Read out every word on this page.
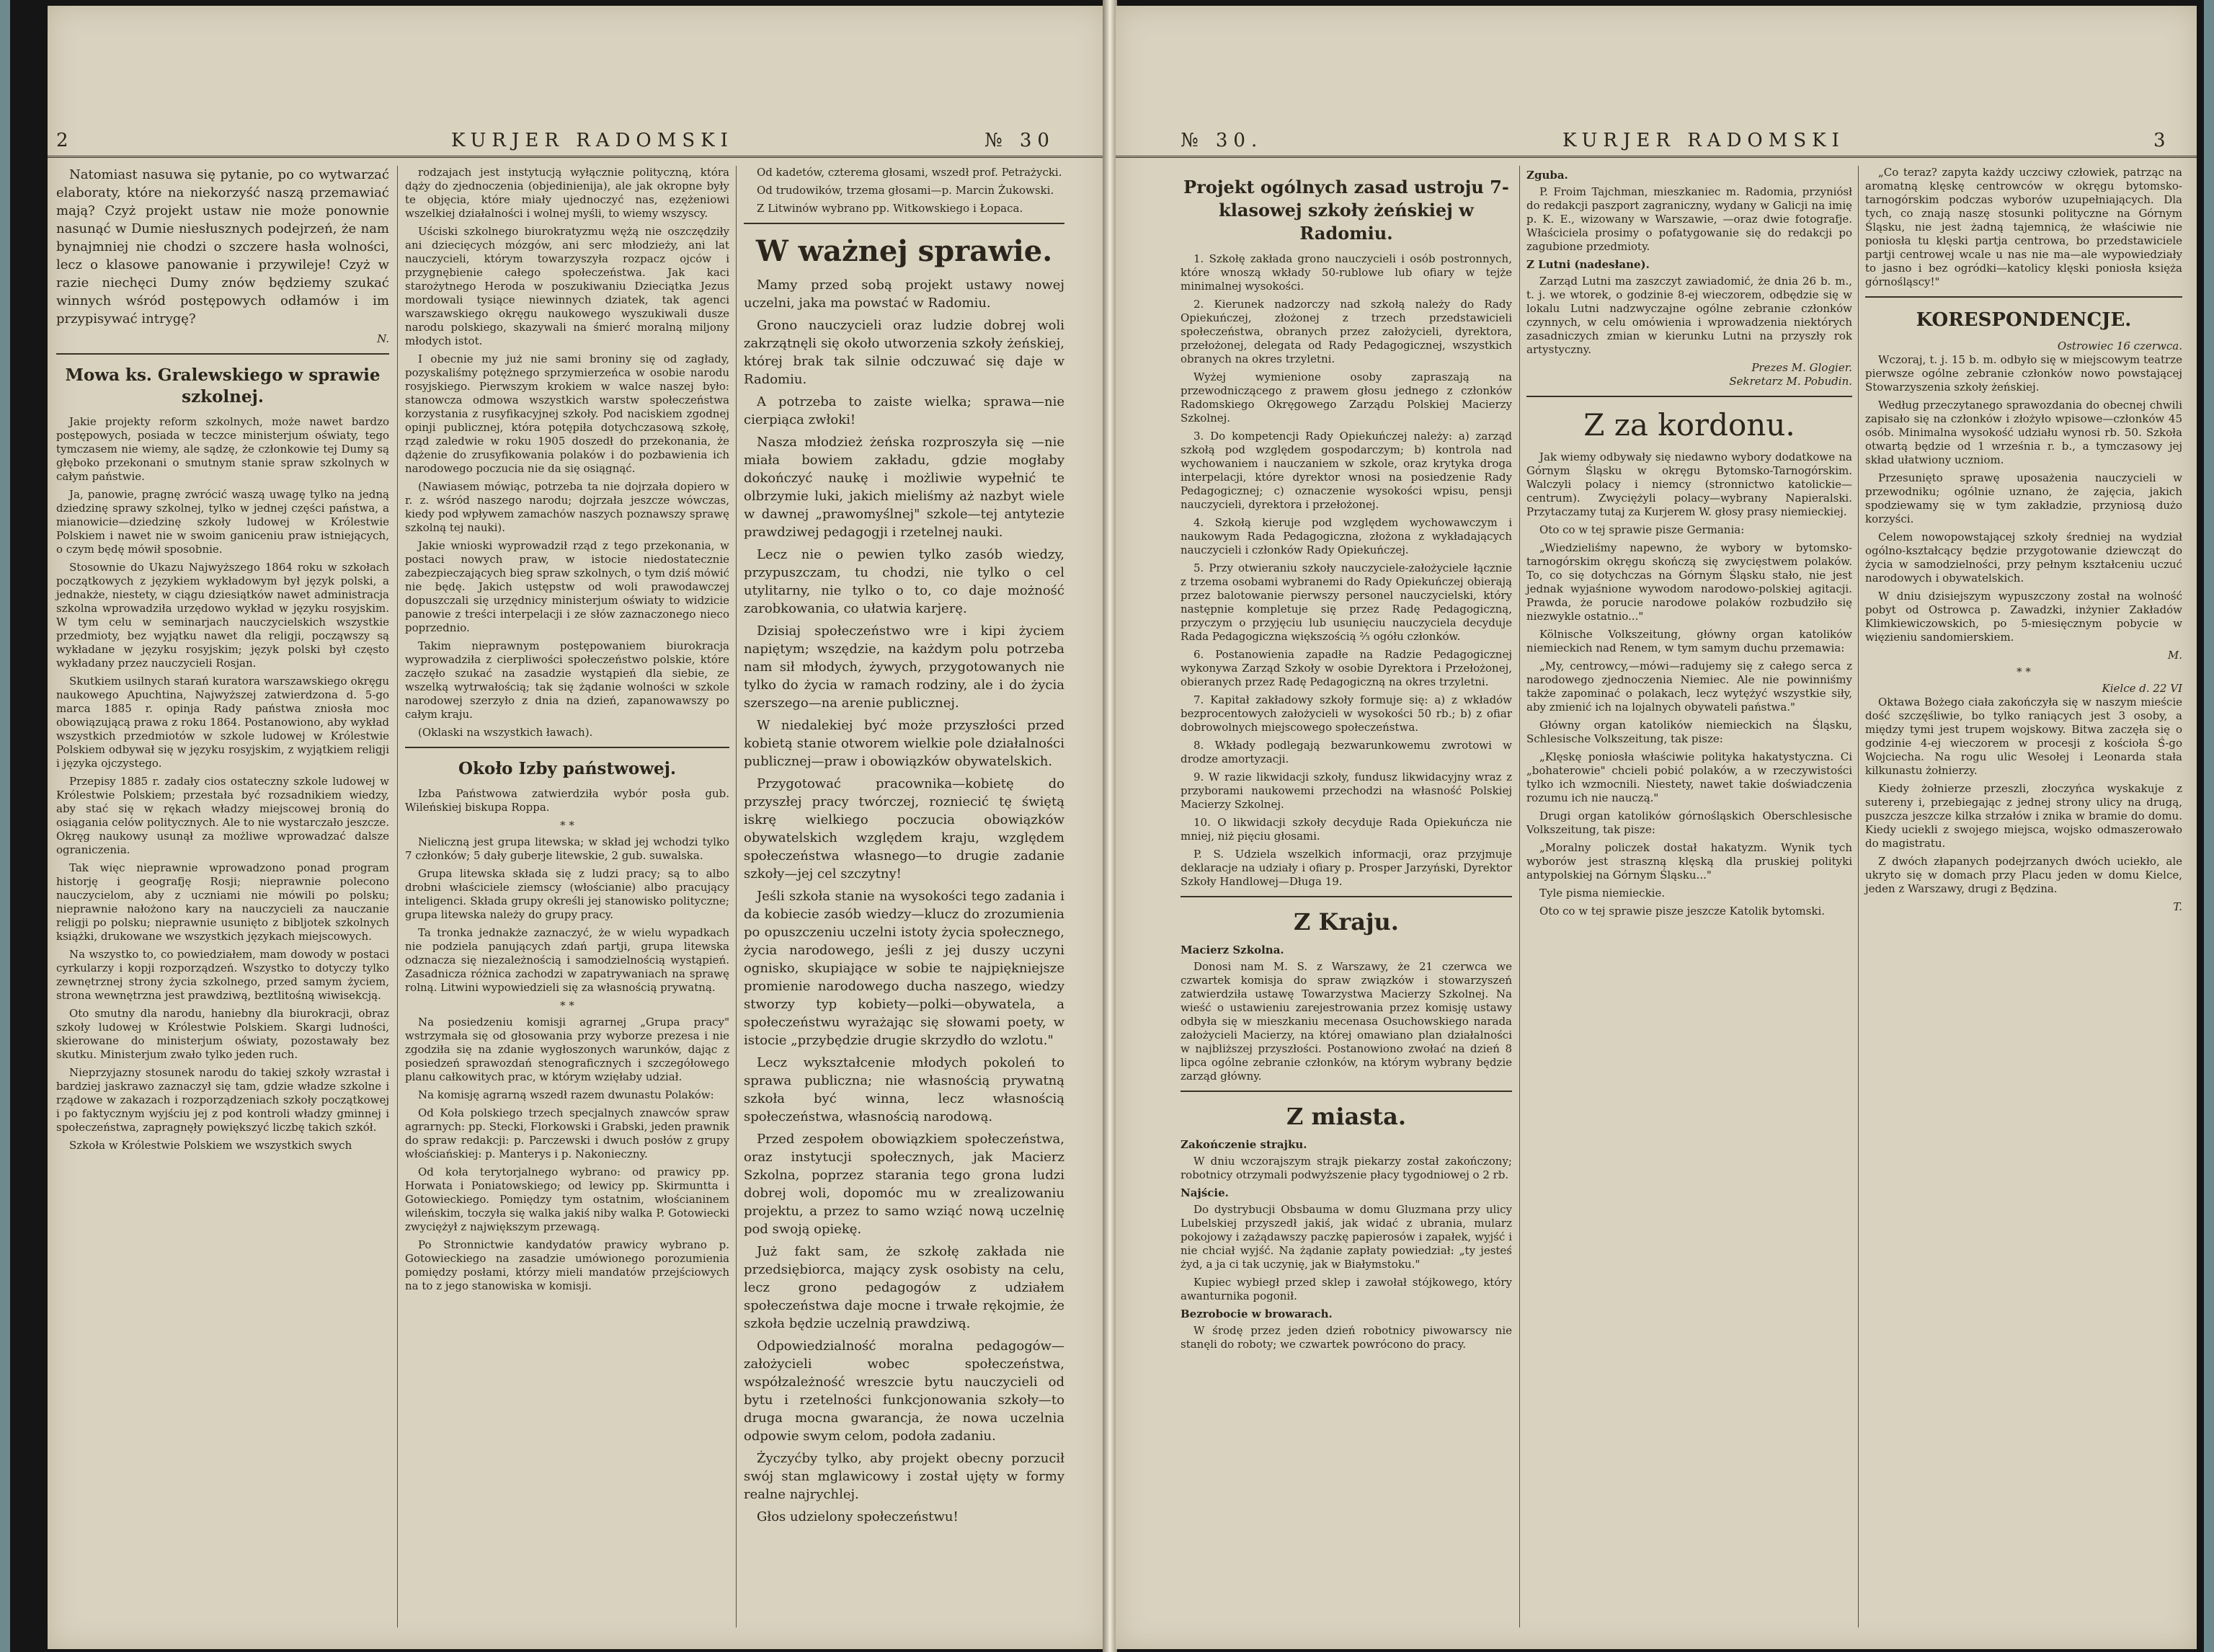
2	KURJER RADOMSKI	№ 30

Natomiast nasuwa się pytanie, po co wytwarzać elaboraty, które na niekorzyść naszą przemawiać mają? Czyż projekt ustaw nie może ponownie nasunąć w Dumie niesłusznych podejrzeń, że nam bynajmniej nie chodzi o szczere hasła wolności, lecz o klasowe panowanie i przywileje! Czyż w razie niechęci Dumy znów będziemy szukać winnych wśród postępowych odłamów i im przypisywać intrygę?

N.
Mowa ks. Gralewskiego w sprawie szkolnej.

Jakie projekty reform szkolnych, może nawet bardzo postępowych, posiada w teczce ministerjum oświaty, tego tymczasem nie wiemy, ale sądzę, że członkowie tej Dumy są głęboko przekonani o smutnym stanie spraw szkolnych w całym państwie.

Ja, panowie, pragnę zwrócić waszą uwagę tylko na jedną dziedzinę sprawy szkolnej, tylko w jednej części państwa, a mianowicie—dziedzinę szkoły ludowej w Królestwie Polskiem i nawet nie w swoim ganiceniu praw istniejących, o czym będę mówił sposobnie.

Stosownie do Ukazu Najwyższego 1864 roku w szkołach początkowych z językiem wykładowym był język polski, a jednakże, niestety, w ciągu dziesiątków nawet administracja szkolna wprowadziła urzędowo wykład w języku rosyjskim. W tym celu w seminarjach nauczycielskich wszystkie przedmioty, bez wyjątku nawet dla religji, począwszy są wykładane w języku rosyjskim; język polski był często wykładany przez nauczycieli Rosjan.

Skutkiem usilnych starań kuratora warszawskiego okręgu naukowego Apuchtina, Najwyższej zatwierdzona d. 5-go marca 1885 r. opinja Rady państwa zniosła moc obowiązującą prawa z roku 1864. Postanowiono, aby wykład wszystkich przedmiotów w szkole ludowej w Królestwie Polskiem odbywał się w języku rosyjskim, z wyjątkiem religji i języka ojczystego.

Przepisy 1885 r. zadały cios ostateczny szkole ludowej w Królestwie Polskiem; przestała być rozsadnikiem wiedzy, aby stać się w rękach władzy miejscowej bronią do osiągania celów politycznych. Ale to nie wystarczało jeszcze. Okręg naukowy usunął za możliwe wprowadzać dalsze ograniczenia.

Tak więc nieprawnie wprowadzono ponad program historję i geografję Rosji; nieprawnie polecono nauczycielom, aby z uczniami nie mówili po polsku; nieprawnie nałożono kary na nauczycieli za nauczanie religji po polsku; nieprawnie usunięto z bibljotek szkolnych książki, drukowane we wszystkich językach miejscowych.

Na wszystko to, co powiedziałem, mam dowody w postaci cyrkularzy i kopji rozporządzeń. Wszystko to dotyczy tylko zewnętrznej strony życia szkolnego, przed samym życiem, strona wewnętrzna jest prawdziwą, beztlitośną wiwisekcją.

Oto smutny dla narodu, haniebny dla biurokracji, obraz szkoły ludowej w Królestwie Polskiem. Skargi ludności, skierowane do ministerjum oświaty, pozostawały bez skutku. Ministerjum zwało tylko jeden ruch.

Nieprzyjazny stosunek narodu do takiej szkoły wzrastał i bardziej jaskrawo zaznaczył się tam, gdzie władze szkolne i rządowe w zakazach i rozporządzeniach szkoły początkowej i po faktycznym wyjściu jej z pod kontroli władzy gminnej i społeczeństwa, zapragnęły powiększyć liczbę takich szkół.

Szkoła w Królestwie Polskiem we wszystkich swych

rodzajach jest instytucją wyłącznie polityczną, która dąży do zjednoczenia (objedinienija), ale jak okropne były te objęcia, które miały ujednoczyć nas, ezężeniowi wszelkiej działalności i wolnej myśli, to wiemy wszyscy.

Uściski szkolnego biurokratyzmu wężą nie oszczędziły ani dziecięcych mózgów, ani serc młodzieży, ani lat nauczycieli, którym towarzyszyła rozpacz ojców i przygnębienie całego społeczeństwa. Jak kaci starożytnego Heroda w poszukiwaniu Dzieciątka Jezus mordowali tysiące niewinnych dziatek, tak agenci warszawskiego okręgu naukowego wyszukiwali dusze narodu polskiego, skazywali na śmierć moralną miljony młodych istot.

I obecnie my już nie sami broniny się od zagłady, pozyskaliśmy potężnego sprzymierzeńca w osobie narodu rosyjskiego. Pierwszym krokiem w walce naszej było: stanowcza odmowa wszystkich warstw społeczeństwa korzystania z rusyfikacyjnej szkoły. Pod naciskiem zgodnej opinji publicznej, która potępiła dotychczasową szkołę, rząd zaledwie w roku 1905 doszedł do przekonania, że dążenie do zrusyfikowania polaków i do pozbawienia ich narodowego poczucia nie da się osiągnąć.

(Nawiasem mówiąc, potrzeba ta nie dojrzała dopiero w r. z. wśród naszego narodu; dojrzała jeszcze wówczas, kiedy pod wpływem zamachów naszych poznawszy sprawę szkolną tej nauki).

Jakie wnioski wyprowadził rząd z tego przekonania, w postaci nowych praw, w istocie niedostatecznie zabezpieczających bieg spraw szkolnych, o tym dziś mówić nie będę. Jakich ustępstw od woli prawodawczej dopuszczali się urzędnicy ministerjum oświaty to widzicie panowie z treści interpelacji i ze słów zaznaczonego nieco poprzednio.

Takim nieprawnym postępowaniem biurokracja wyprowadziła z cierpliwości społeczeństwo polskie, które zaczęło szukać na zasadzie wystąpień dla siebie, ze wszelką wytrwałością; tak się żądanie wolności w szkole narodowej szerzyło z dnia na dzień, zapanowawszy po całym kraju.

(Oklaski na wszystkich ławach).

Około Izby państwowej.

Izba Państwowa zatwierdziła wybór posła gub. Wileńskiej biskupa Roppa.

* *

Nieliczną jest grupa litewska; w skład jej wchodzi tylko 7 członków; 5 dały guberje litewskie, 2 gub. suwalska.

Grupa litewska składa się z ludzi pracy; są to albo drobni właściciele ziemscy (włościanie) albo pracujący inteligenci. Składa grupy określi jej stanowisko polityczne; grupa litewska należy do grupy pracy.

Ta tronka jednakże zaznaczyć, że w wielu wypadkach nie podziela panujących zdań partji, grupa litewska odznacza się niezależnością i samodzielnością wystąpień. Zasadnicza różnica zachodzi w zapatrywaniach na sprawę rolną. Litwini wypowiedzieli się za własnością prywatną.

* *

Na posiedzeniu komisji agrarnej „Grupa pracy" wstrzymała się od głosowania przy wyborze prezesa i nie zgodziła się na zdanie wygłoszonych warunków, dając z posiedzeń sprawozdań stenograficznych i szczegółowego planu całkowitych prac, w którym wzięłaby udział.

Na komisję agrarną wszedł razem dwunastu Polaków:

Od Koła polskiego trzech specjalnych znawców spraw agrarnych: pp. Stecki, Florkowski i Grabski, jeden prawnik do spraw redakcji: p. Parczewski i dwuch posłów z grupy włościańskiej: p. Manterys i p. Nakonieczny.

Od koła terytorjalnego wybrano: od prawicy pp. Horwata i Poniatowskiego; od lewicy pp. Skirmuntta i Gotowieckiego. Pomiędzy tym ostatnim, włościaninem wileńskim, toczyła się walka jakiś niby walka P. Gotowiecki zwyciężył z największym przewagą.

Po Stronnictwie kandydatów prawicy wybrano p. Gotowieckiego na zasadzie umówionego porozumienia pomiędzy posłami, którzy mieli mandatów przejściowych na to z jego stanowiska w komisji.

Od kadetów, czterema głosami, wszedł prof. Petrażycki.

Od trudowików, trzema głosami—p. Marcin Żukowski.

Z Litwinów wybrano pp. Witkowskiego i Łopaca.

W ważnej sprawie.

Mamy przed sobą projekt ustawy nowej uczelni, jaka ma powstać w Radomiu.

Grono nauczycieli oraz ludzie dobrej woli zakrzątnęli się około utworzenia szkoły żeńskiej, której brak tak silnie odczuwać się daje w Radomiu.

A potrzeba to zaiste wielka; sprawa—nie cierpiąca zwłoki!

Nasza młodzież żeńska rozproszyła się —nie miała bowiem zakładu, gdzie mogłaby dokończyć naukę i możliwie wypełnić te olbrzymie luki, jakich mieliśmy aż nazbyt wiele w dawnej „prawomyślnej" szkole—tej antytezie prawdziwej pedagogji i rzetelnej nauki.

Lecz nie o pewien tylko zasób wiedzy, przypuszczam, tu chodzi, nie tylko o cel utylitarny, nie tylko o to, co daje możność zarobkowania, co ułatwia karjerę.

Dzisiaj społeczeństwo wre i kipi życiem napiętym; wszędzie, na każdym polu potrzeba nam sił młodych, żywych, przygotowanych nie tylko do życia w ramach rodziny, ale i do życia szerszego—na arenie publicznej.

W niedalekiej być może przyszłości przed kobietą stanie otworem wielkie pole działalności publicznej—praw i obowiązków obywatelskich.

Przygotować pracownika—kobietę do przyszłej pracy twórczej, rozniecić tę świętą iskrę wielkiego poczucia obowiązków obywatelskich względem kraju, względem społeczeństwa własnego—to drugie zadanie szkoły—jej cel szczytny!

Jeśli szkoła stanie na wysokości tego zadania i da kobiecie zasób wiedzy—klucz do zrozumienia po opuszczeniu uczelni istoty życia społecznego, życia narodowego, jeśli z jej duszy uczyni ognisko, skupiające w sobie te najpiękniejsze promienie narodowego ducha naszego, wiedzy stworzy typ kobiety—polki—obywatela, a społeczeństwu wyrażając się słowami poety, w istocie „przybędzie drugie skrzydło do wzlotu."

Lecz wykształcenie młodych pokoleń to sprawa publiczna; nie własnością prywatną szkoła być winna, lecz własnością społeczeństwa, własnością narodową.

Przed zespołem obowiązkiem społeczeństwa, oraz instytucji społecznych, jak Macierz Szkolna, poprzez starania tego grona ludzi dobrej woli, dopomóc mu w zrealizowaniu projektu, a przez to samo wziąć nową uczelnię pod swoją opiekę.

Już fakt sam, że szkołę zakłada nie przedsiębiorca, mający zysk osobisty na celu, lecz grono pedagogów z udziałem społeczeństwa daje mocne i trwałe rękojmie, że szkoła będzie uczelnią prawdziwą.

Odpowiedzialność moralna pedagogów—założycieli wobec społeczeństwa, współzależność wreszcie bytu nauczycieli od bytu i rzetelności funkcjonowania szkoły—to druga mocna gwarancja, że nowa uczelnia odpowie swym celom, podoła zadaniu.

Życzyćby tylko, aby projekt obecny porzucił swój stan mglawicowy i został ujęty w formy realne najrychlej.

Głos udzielony społeczeństwu!

№ 30.	KURJER RADOMSKI	3
Projekt ogólnych zasad ustroju 7-klasowej szkoły żeńskiej w Radomiu.

1. Szkołę zakłada grono nauczycieli i osób postronnych, które wnoszą wkłady 50-rublowe lub ofiary w tejże minimalnej wysokości.

2. Kierunek nadzorczy nad szkołą należy do Rady Opiekuńczej, złożonej z trzech przedstawicieli społeczeństwa, obranych przez założycieli, dyrektora, przełożonej, delegata od Rady Pedagogicznej, wszystkich obranych na okres trzyletni.

Wyżej wymienione osoby zapraszają na przewodniczącego z prawem głosu jednego z członków Radomskiego Okręgowego Zarządu Polskiej Macierzy Szkolnej.

3. Do kompetencji Rady Opiekuńczej należy: a) zarząd szkołą pod względem gospodarczym; b) kontrola nad wychowaniem i nauczaniem w szkole, oraz krytyka droga interpelacji, które dyrektor wnosi na posiedzenie Rady Pedagogicznej; c) oznaczenie wysokości wpisu, pensji nauczycieli, dyrektora i przełożonej.

4. Szkołą kieruje pod względem wychowawczym i naukowym Rada Pedagogiczna, złożona z wykładających nauczycieli i członków Rady Opiekuńczej.

5. Przy otwieraniu szkoły nauczyciele-założyciele łącznie z trzema osobami wybranemi do Rady Opiekuńczej obierają przez balotowanie pierwszy personel nauczycielski, który następnie kompletuje się przez Radę Pedagogiczną, przyczym o przyjęciu lub usunięciu nauczyciela decyduje Rada Pedagogiczna większością ⅔ ogółu członków.

6. Postanowienia zapadłe na Radzie Pedagogicznej wykonywa Zarząd Szkoły w osobie Dyrektora i Przełożonej, obieranych przez Radę Pedagogiczną na okres trzyletni.

7. Kapitał zakładowy szkoły formuje się: a) z wkładów bezprocentowych założycieli w wysokości 50 rb.; b) z ofiar dobrowolnych miejscowego społeczeństwa.

8. Wkłady podlegają bezwarunkowemu zwrotowi w drodze amortyzacji.

9. W razie likwidacji szkoły, fundusz likwidacyjny wraz z przyborami naukowemi przechodzi na własność Polskiej Macierzy Szkolnej.

10. O likwidacji szkoły decyduje Rada Opiekuńcza nie mniej, niż pięciu głosami.

P. S. Udziela wszelkich informacji, oraz przyjmuje deklaracje na udziały i ofiary p. Prosper Jarzyński, Dyrektor Szkoły Handlowej—Długa 19.

Z Kraju.
Macierz Szkolna.

Donosi nam M. S. z Warszawy, że 21 czerwca we czwartek komisja do spraw związków i stowarzyszeń zatwierdziła ustawę Towarzystwa Macierzy Szkolnej. Na wieść o ustawieniu zarejestrowania przez komisję ustawy odbyła się w mieszkaniu mecenasa Osuchowskiego narada założycieli Macierzy, na której omawiano plan działalności w najbliższej przyszłości. Postanowiono zwołać na dzień 8 lipca ogólne zebranie członków, na którym wybrany będzie zarząd główny.

Z miasta.
Zakończenie strajku.

W dniu wczorajszym strajk piekarzy został zakończony; robotnicy otrzymali podwyższenie płacy tygodniowej o 2 rb.

Najście.

Do dystrybucji Obsbauma w domu Gluzmana przy ulicy Lubelskiej przyszedł jakiś, jak widać z ubrania, mularz pokojowy i zażądawszy paczkę papierosów i zapałek, wyjść i nie chciał wyjść. Na żądanie zapłaty powiedział: „ty jesteś żyd, a ja ci tak uczynię, jak w Białymstoku."

Kupiec wybiegł przed sklep i zawołał stójkowego, który awanturnika pogonił.

Bezrobocie w browarach.

W środę przez jeden dzień robotnicy piwowarscy nie stanęli do roboty; we czwartek powrócono do pracy.

Zguba.

P. Froim Tajchman, mieszkaniec m. Radomia, przyniósł do redakcji paszport zagraniczny, wydany w Galicji na imię p. K. E., wizowany w Warszawie, —oraz dwie fotografje. Właściciela prosimy o pofatygowanie się do redakcji po zagubione przedmioty.

Z Lutni (nadesłane).

Zarząd Lutni ma zaszczyt zawiadomić, że dnia 26 b. m., t. j. we wtorek, o godzinie 8-ej wieczorem, odbędzie się w lokalu Lutni nadzwyczajne ogólne zebranie członków czynnych, w celu omówienia i wprowadzenia niektórych zasadniczych zmian w kierunku Lutni na przyszły rok artystyczny.

Prezes M. Glogier.
Sekretarz M. Pobudin.
Z za kordonu.

Jak wiemy odbywały się niedawno wybory dodatkowe na Górnym Śląsku w okręgu Bytomsko-Tarnogórskim. Walczyli polacy i niemcy (stronnictwo katolickie—centrum). Zwyciężyli polacy—wybrany Napieralski. Przytaczamy tutaj za Kurjerem W. głosy prasy niemieckiej.

Oto co w tej sprawie pisze Germania:

„Wiedzieliśmy napewno, że wybory w bytomsko-tarnogórskim okręgu skończą się zwycięstwem polaków. To, co się dotychczas na Górnym Śląsku stało, nie jest jednak wyjaśnione wywodom narodowo-polskiej agitacji. Prawda, że porucie narodowe polaków rozbudziło się niezwykle ostatnio..."

Kölnische Volkszeitung, główny organ katolików niemieckich nad Renem, w tym samym duchu przemawia:

„My, centrowcy,—mówi—radujemy się z całego serca z narodowego zjednoczenia Niemiec. Ale nie powinniśmy także zapominać o polakach, lecz wytężyć wszystkie siły, aby zmienić ich na lojalnych obywateli państwa."

Główny organ katolików niemieckich na Śląsku, Schlesische Volkszeitung, tak pisze:

„Klęskę poniosła właściwie polityka hakatystyczna. Ci „bohaterowie" chcieli pobić polaków, a w rzeczywistości tylko ich wzmocnili. Niestety, nawet takie doświadczenia rozumu ich nie nauczą."

Drugi organ katolików górnośląskich Oberschlesische Volkszeitung, tak pisze:

„Moralny policzek dostał hakatyzm. Wynik tych wyborów jest straszną klęską dla pruskiej polityki antypolskiej na Górnym Śląsku..."

Tyle pisma niemieckie.

Oto co w tej sprawie pisze jeszcze Katolik bytomski.

„Co teraz? zapyta każdy uczciwy człowiek, patrząc na aromatną klęskę centrowców w okręgu bytomsko-tarnogórskim podczas wyborów uzupełniających. Dla tych, co znają naszę stosunki polityczne na Górnym Śląsku, nie jest żadną tajemnicą, że właściwie nie poniosła tu klęski partja centrowa, bo przedstawiciele partji centrowej wcale u nas nie ma—ale wypowiedziały to jasno i bez ogródki—katolicy klęski poniosła księża górnośląscy!"

KORESPONDENCJE.
Ostrowiec 16 czerwca.

Wczoraj, t. j. 15 b. m. odbyło się w miejscowym teatrze pierwsze ogólne zebranie członków nowo powstającej Stowarzyszenia szkoły żeńskiej.

Według przeczytanego sprawozdania do obecnej chwili zapisało się na członków i złożyło wpisowe—członków 45 osób. Minimalna wysokość udziału wynosi rb. 50. Szkoła otwartą będzie od 1 września r. b., a tymczasowy jej skład ułatwiony uczniom.

Przesunięto sprawę uposażenia nauczycieli w przewodniku; ogólnie uznano, że zajęcia, jakich spodziewamy się w tym zakładzie, przyniosą dużo korzyści.

Celem nowopowstającej szkoły średniej na wydział ogólno-kształcący będzie przygotowanie dziewcząt do życia w samodzielności, przy pełnym kształceniu uczuć narodowych i obywatelskich.

W dniu dzisiejszym wypuszczony został na wolność pobyt od Ostrowca p. Zawadzki, inżynier Zakładów Klimkiewiczowskich, po 5-miesięcznym pobycie w więzieniu sandomierskiem.

M.
* *
Kielce d. 22 VI

Oktawa Bożego ciała zakończyła się w naszym mieście dość szczęśliwie, bo tylko raniących jest 3 osoby, a między tymi jest trupem wojskowy. Bitwa zaczęła się o godzinie 4-ej wieczorem w procesji z kościoła Ś-go Wojciecha. Na rogu ulic Wesołej i Leonarda stała kilkunastu żołnierzy.

Kiedy żołnierze przeszli, złoczyńca wyskakuje z sutereny i, przebiegając z jednej strony ulicy na drugą, puszcza jeszcze kilka strzałów i znika w bramie do domu. Kiedy uciekli z swojego miejsca, wojsko odmaszerowało do magistratu.

Z dwóch złapanych podejrzanych dwóch uciekło, ale ukryto się w domach przy Placu jeden w domu Kielce, jeden z Warszawy, drugi z Będzina.

T.
